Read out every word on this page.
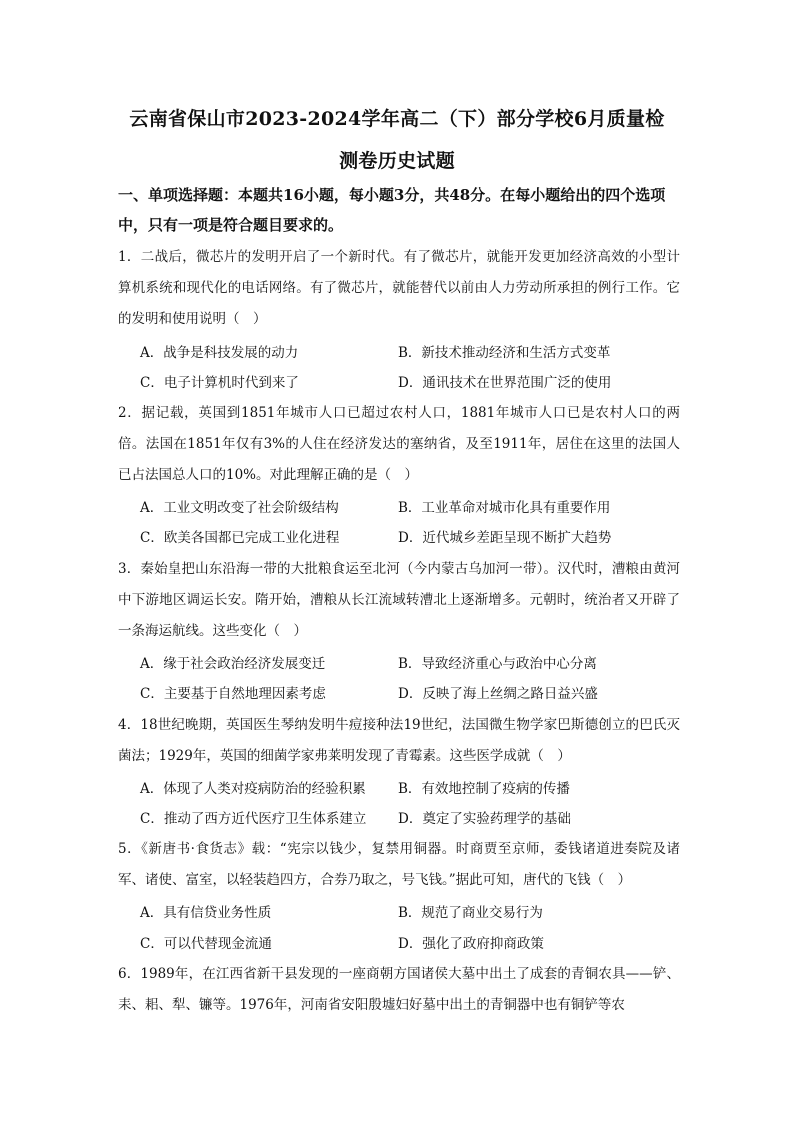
云南省保山市2023-2024学年高二（下）部分学校6月质量检
测卷历史试题
一、单项选择题：本题共16小题，每小题3分，共48分。在每小题给出的四个选项中，只有一项是符合题目要求的。
1．二战后，微芯片的发明开启了一个新时代。有了微芯片，就能开发更加经济高效的小型计算机系统和现代化的电话网络。有了微芯片，就能替代以前由人力劳动所承担的例行工作。它的发明和使用说明（　）
A．战争是科技发展的动力	B．新技术推动经济和生活方式变革
C．电子计算机时代到来了	D．通讯技术在世界范围广泛的使用
2．据记载，英国到1851年城市人口已超过农村人口，1881年城市人口已是农村人口的两倍。法国在1851年仅有3%的人住在经济发达的塞纳省，及至1911年，居住在这里的法国人已占法国总人口的10%。对此理解正确的是（　）
A．工业文明改变了社会阶级结构	B．工业革命对城市化具有重要作用
C．欧美各国都已完成工业化进程	D．近代城乡差距呈现不断扩大趋势
3．秦始皇把山东沿海一带的大批粮食运至北河（今内蒙古乌加河一带）。汉代时，漕粮由黄河中下游地区调运长安。隋开始，漕粮从长江流域转漕北上逐渐增多。元朝时，统治者又开辟了一条海运航线。这些变化（　）
A．缘于社会政治经济发展变迁	B．导致经济重心与政治中心分离
C．主要基于自然地理因素考虑	D．反映了海上丝绸之路日益兴盛
4．18世纪晚期，英国医生琴纳发明牛痘接种法19世纪，法国微生物学家巴斯德创立的巴氏灭菌法；1929年，英国的细菌学家弗莱明发现了青霉素。这些医学成就（　）
A．体现了人类对疫病防治的经验积累 B．有效地控制了疫病的传播
C．推动了西方近代医疗卫生体系建立 D．奠定了实验药理学的基础
5．《新唐书·食货志》载：“宪宗以钱少，复禁用铜器。时商贾至京师，委钱诸道进奏院及诸军、诸使、富室，以轻装趋四方，合券乃取之，号飞钱。”据此可知，唐代的飞钱（　）
A．具有信贷业务性质	B．规范了商业交易行为
C．可以代替现金流通	D．强化了政府抑商政策
6．1989年，在江西省新干县发现的一座商朝方国诸侯大墓中出土了成套的青铜农具——铲、耒、耜、犁、镰等。1976年，河南省安阳殷墟妇好墓中出土的青铜器中也有铜铲等农
